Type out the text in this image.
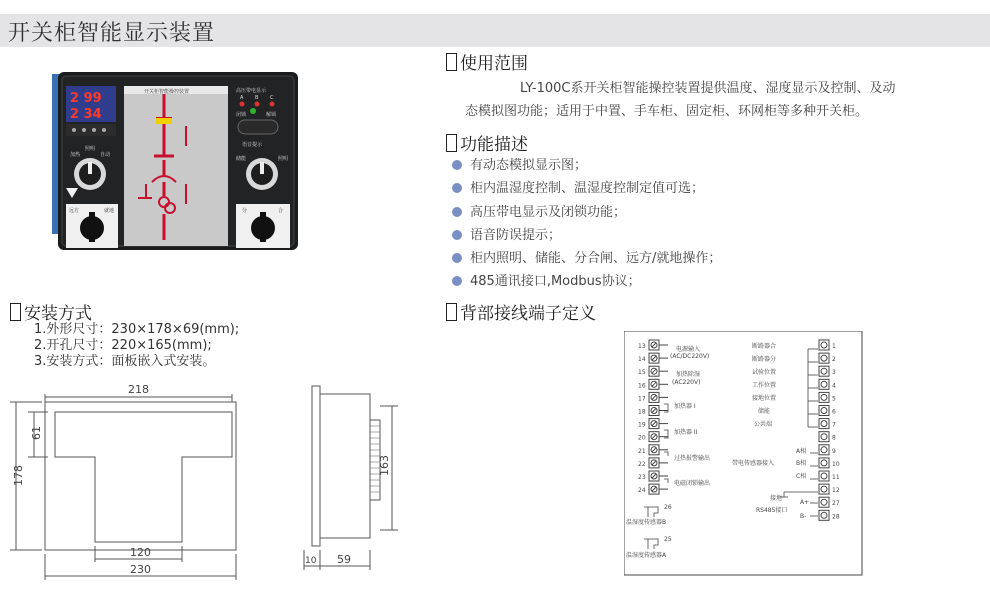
开关柜智能显示装置
2 99
2 34
加热
照明
自动
远方	就地
开关柜智能操控装置	高压带电显示
A B C
闭锁	解锁
语音提示
储能	照明
分	合
使用范围
LY-100C系开关柜智能操控装置提供温度、湿度显示及控制、及动
态模拟图功能；适用于中置、手车柜、固定柜、环网柜等多种开关柜。
功能描述
有动态模拟显示图；
柜内温湿度控制、温湿度控制定值可选；
高压带电显示及闭锁功能；
语音防误提示；
柜内照明、储能、分合闸、远方/就地操作；
485通讯接口,Modbus协议；
安装方式
1.外形尺寸：230×178×69(mm);
2.开孔尺寸：220×165(mm);
3.安装方式：面板嵌入式安装。
背部接线端子定义
218
61
178
120
230
163
10 59
13
14
15
16
17
18
19
20
21
22
23
24
1
2
3
4
5
6
7
8
9
10
11
12
27
28
电源输入
(AC/DC220V)
加热除湿
(AC220V)
加热器 I
加热器 II
过热报警输出
电磁闭锁输出
断路器合
断路器分
试验位置
工作位置
接地位置
储能
公共端
A相
B相
C相
带电传感器接入
接地
A+
RS485接口
B-
26
温湿度传感器B
25
温湿度传感器A
